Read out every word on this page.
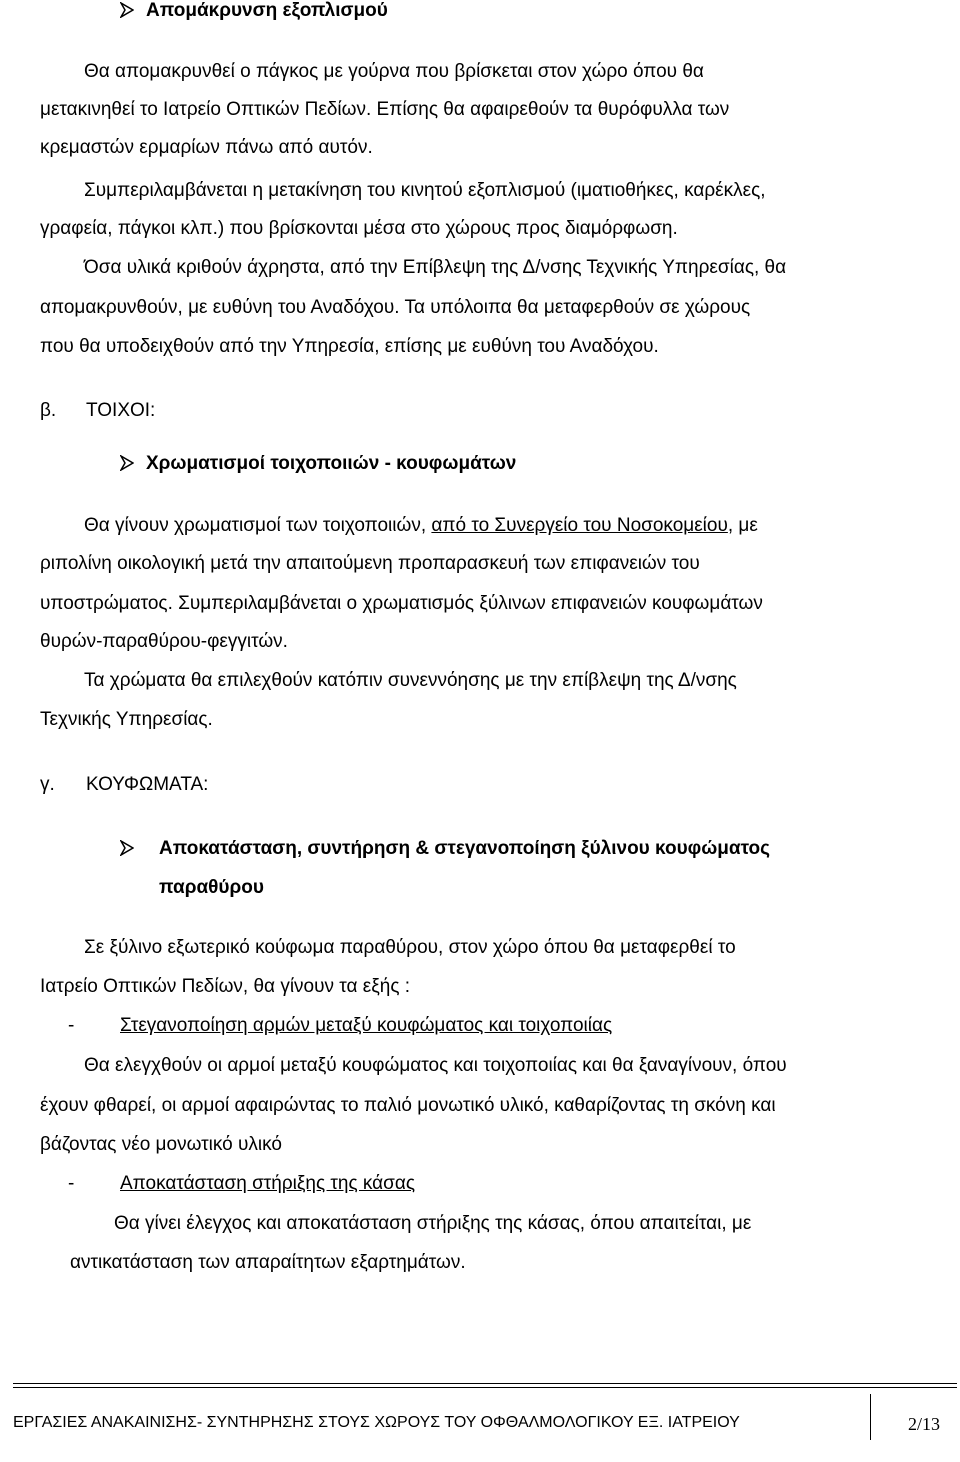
Απομάκρυνση εξοπλισμού
Θα απομακρυνθεί ο πάγκος με γούρνα που βρίσκεται στον χώρο όπου θα
μετακινηθεί το Ιατρείο Οπτικών Πεδίων. Επίσης θα αφαιρεθούν τα θυρόφυλλα των
κρεμαστών ερμαρίων πάνω από αυτόν.
Συμπεριλαμβάνεται η μετακίνηση του κινητού εξοπλισμού (ιματιοθήκες, καρέκλες,
γραφεία, πάγκοι κλπ.) που βρίσκονται μέσα στο χώρους προς διαμόρφωση.
Όσα υλικά κριθούν άχρηστα, από την Επίβλεψη της Δ/νσης Τεχνικής Υπηρεσίας, θα
απομακρυνθούν, με ευθύνη του Αναδόχου. Τα υπόλοιπα θα μεταφερθούν σε χώρους
που θα υποδειχθούν από την Υπηρεσία, επίσης με ευθύνη του Αναδόχου.
β. ΤΟΙΧΟΙ:
Χρωματισμοί τοιχοποιιών - κουφωμάτων
Θα γίνουν χρωματισμοί των τοιχοποιιών, από το Συνεργείο του Νοσοκομείου, με
ριπολίνη οικολογική μετά την απαιτούμενη προπαρασκευή των επιφανειών του
υποστρώματος. Συμπεριλαμβάνεται ο χρωματισμός ξύλινων επιφανειών κουφωμάτων
θυρών-παραθύρου-φεγγιτών.
Τα χρώματα θα επιλεχθούν κατόπιν συνεννόησης με την επίβλεψη της Δ/νσης
Τεχνικής Υπηρεσίας.
γ. ΚΟΥΦΩΜΑΤΑ:
Αποκατάσταση, συντήρηση & στεγανοποίηση ξύλινου κουφώματος
παραθύρου
Σε ξύλινο εξωτερικό κούφωμα παραθύρου, στον χώρο όπου θα μεταφερθεί το
Ιατρείο Οπτικών Πεδίων, θα γίνουν τα εξής :
- Στεγανοποίηση αρμών μεταξύ κουφώματος και τοιχοποιίας
Θα ελεγχθούν οι αρμοί μεταξύ κουφώματος και τοιχοποιίας και θα ξαναγίνουν, όπου
έχουν φθαρεί, οι αρμοί αφαιρώντας το παλιό μονωτικό υλικό, καθαρίζοντας τη σκόνη και
βάζοντας νέο μονωτικό υλικό
- Αποκατάσταση στήριξης της κάσας
Θα γίνει έλεγχος και αποκατάσταση στήριξης της κάσας, όπου απαιτείται, με
αντικατάσταση των απαραίτητων εξαρτημάτων.
ΕΡΓΑΣΙΕΣ ΑΝΑΚΑΙΝΙΣΗΣ- ΣΥΝΤΗΡΗΣΗΣ ΣΤΟΥΣ ΧΩΡΟΥΣ ΤΟΥ ΟΦΘΑΛΜΟΛΟΓΙΚΟΥ ΕΞ. ΙΑΤΡΕΙΟΥ	2/13
